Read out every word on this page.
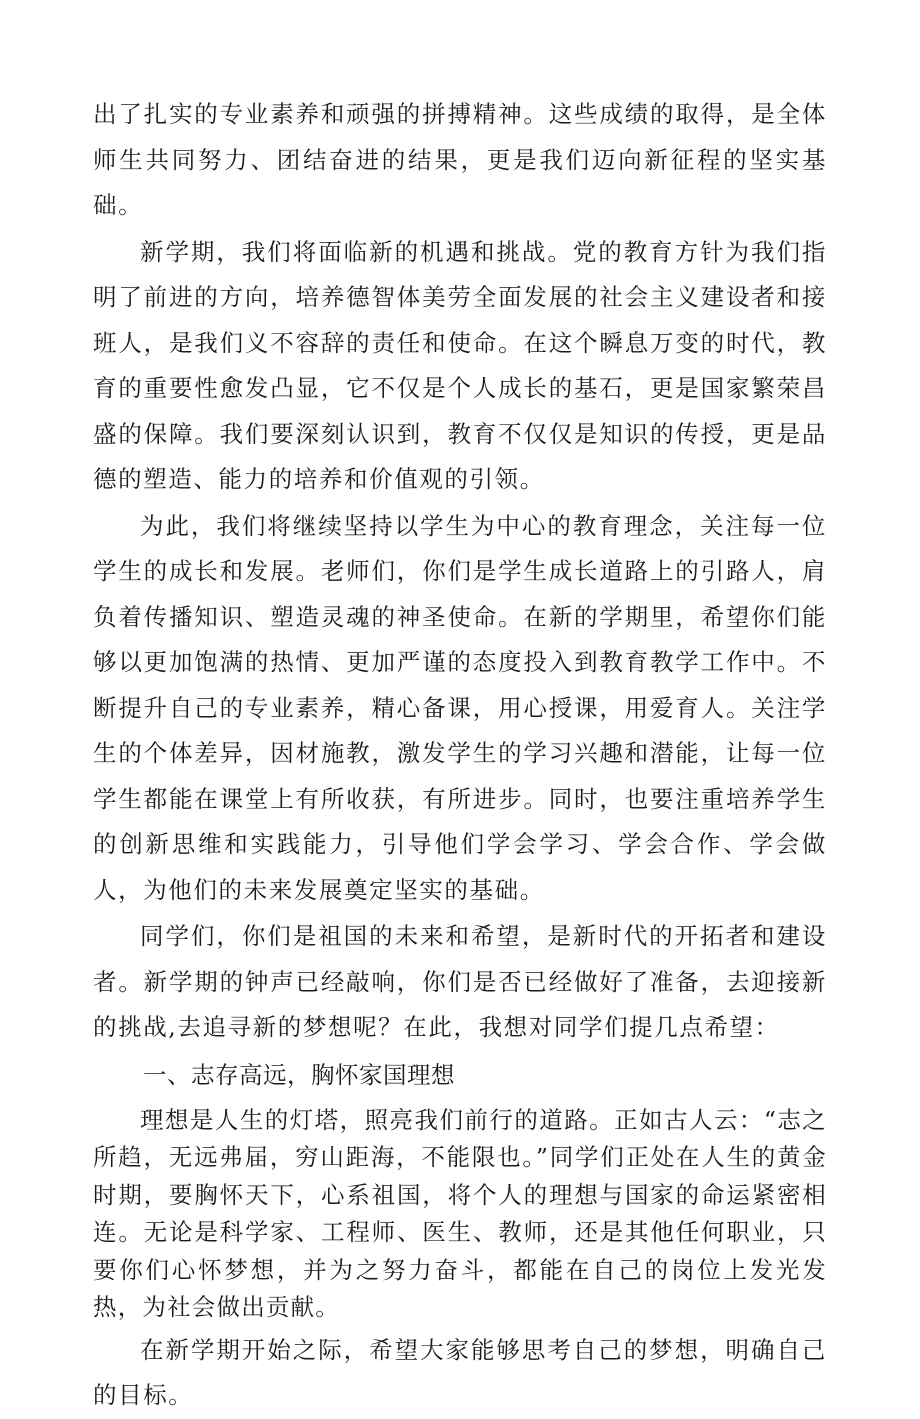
出了扎实的专业素养和顽强的拼搏精神。这些成绩的取得，是全体师生共同努力、团结奋进的结果，更是我们迈向新征程的坚实基础。

新学期，我们将面临新的机遇和挑战。党的教育方针为我们指明了前进的方向，培养德智体美劳全面发展的社会主义建设者和接班人，是我们义不容辞的责任和使命。在这个瞬息万变的时代，教育的重要性愈发凸显，它不仅是个人成长的基石，更是国家繁荣昌盛的保障。我们要深刻认识到，教育不仅仅是知识的传授，更是品德的塑造、能力的培养和价值观的引领。

为此，我们将继续坚持以学生为中心的教育理念，关注每一位学生的成长和发展。老师们，你们是学生成长道路上的引路人，肩负着传播知识、塑造灵魂的神圣使命。在新的学期里，希望你们能够以更加饱满的热情、更加严谨的态度投入到教育教学工作中。不断提升自己的专业素养，精心备课，用心授课，用爱育人。关注学生的个体差异，因材施教，激发学生的学习兴趣和潜能，让每一位学生都能在课堂上有所收获，有所进步。同时，也要注重培养学生的创新思维和实践能力，引导他们学会学习、学会合作、学会做人，为他们的未来发展奠定坚实的基础。

同学们，你们是祖国的未来和希望，是新时代的开拓者和建设者。新学期的钟声已经敲响，你们是否已经做好了准备，去迎接新的挑战,去追寻新的梦想呢？在此，我想对同学们提几点希望：

一、志存高远，胸怀家国理想

理想是人生的灯塔，照亮我们前行的道路。正如古人云：“志之所趋，无远弗届，穷山距海，不能限也。”同学们正处在人生的黄金时期，要胸怀天下，心系祖国，将个人的理想与国家的命运紧密相连。无论是科学家、工程师、医生、教师，还是其他任何职业，只要你们心怀梦想，并为之努力奋斗，都能在自己的岗位上发光发热，为社会做出贡献。

在新学期开始之际，希望大家能够思考自己的梦想，明确自己的目标。
